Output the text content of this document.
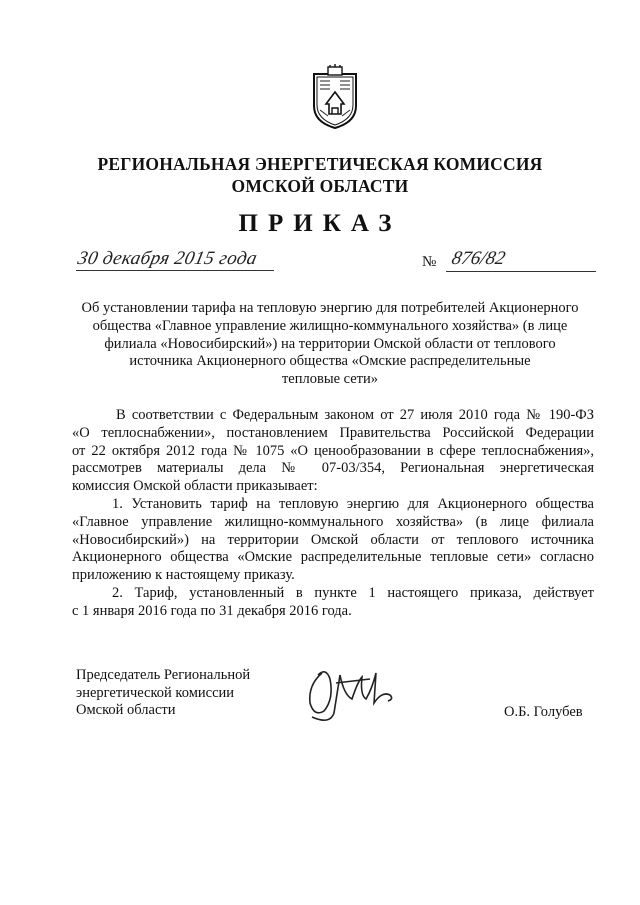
РЕГИОНАЛЬНАЯ ЭНЕРГЕТИЧЕСКАЯ КОМИССИЯ
ОМСКОЙ ОБЛАСТИ
ПРИКАЗ
30 декабря 2015 года	№ 876/82
Об установлении тарифа на тепловую энергию для потребителей Акционерного
общества «Главное управление жилищно-коммунального хозяйства» (в лице
филиала «Новосибирский») на территории Омской области от теплового
источника Акционерного общества «Омские распределительные
тепловые сети»
В соответствии с Федеральным законом от 27 июля 2010 года № 190-ФЗ
«О теплоснабжении», постановлением Правительства Российской Федерации
от 22 октября 2012 года № 1075 «О ценообразовании в сфере теплоснабжения»,
рассмотрев материалы дела № 07-03/354, Региональная энергетическая
комиссия Омской области приказывает:
1. Установить тариф на тепловую энергию для Акционерного общества
«Главное управление жилищно-коммунального хозяйства» (в лице филиала
«Новосибирский») на территории Омской области от теплового источника
Акционерного общества «Омские распределительные тепловые сети» согласно
приложению к настоящему приказу.
2. Тариф, установленный в пункте 1 настоящего приказа, действует
с 1 января 2016 года по 31 декабря 2016 года.
Председатель Региональной
энергетической комиссии
Омской области	О.Б. Голубев
